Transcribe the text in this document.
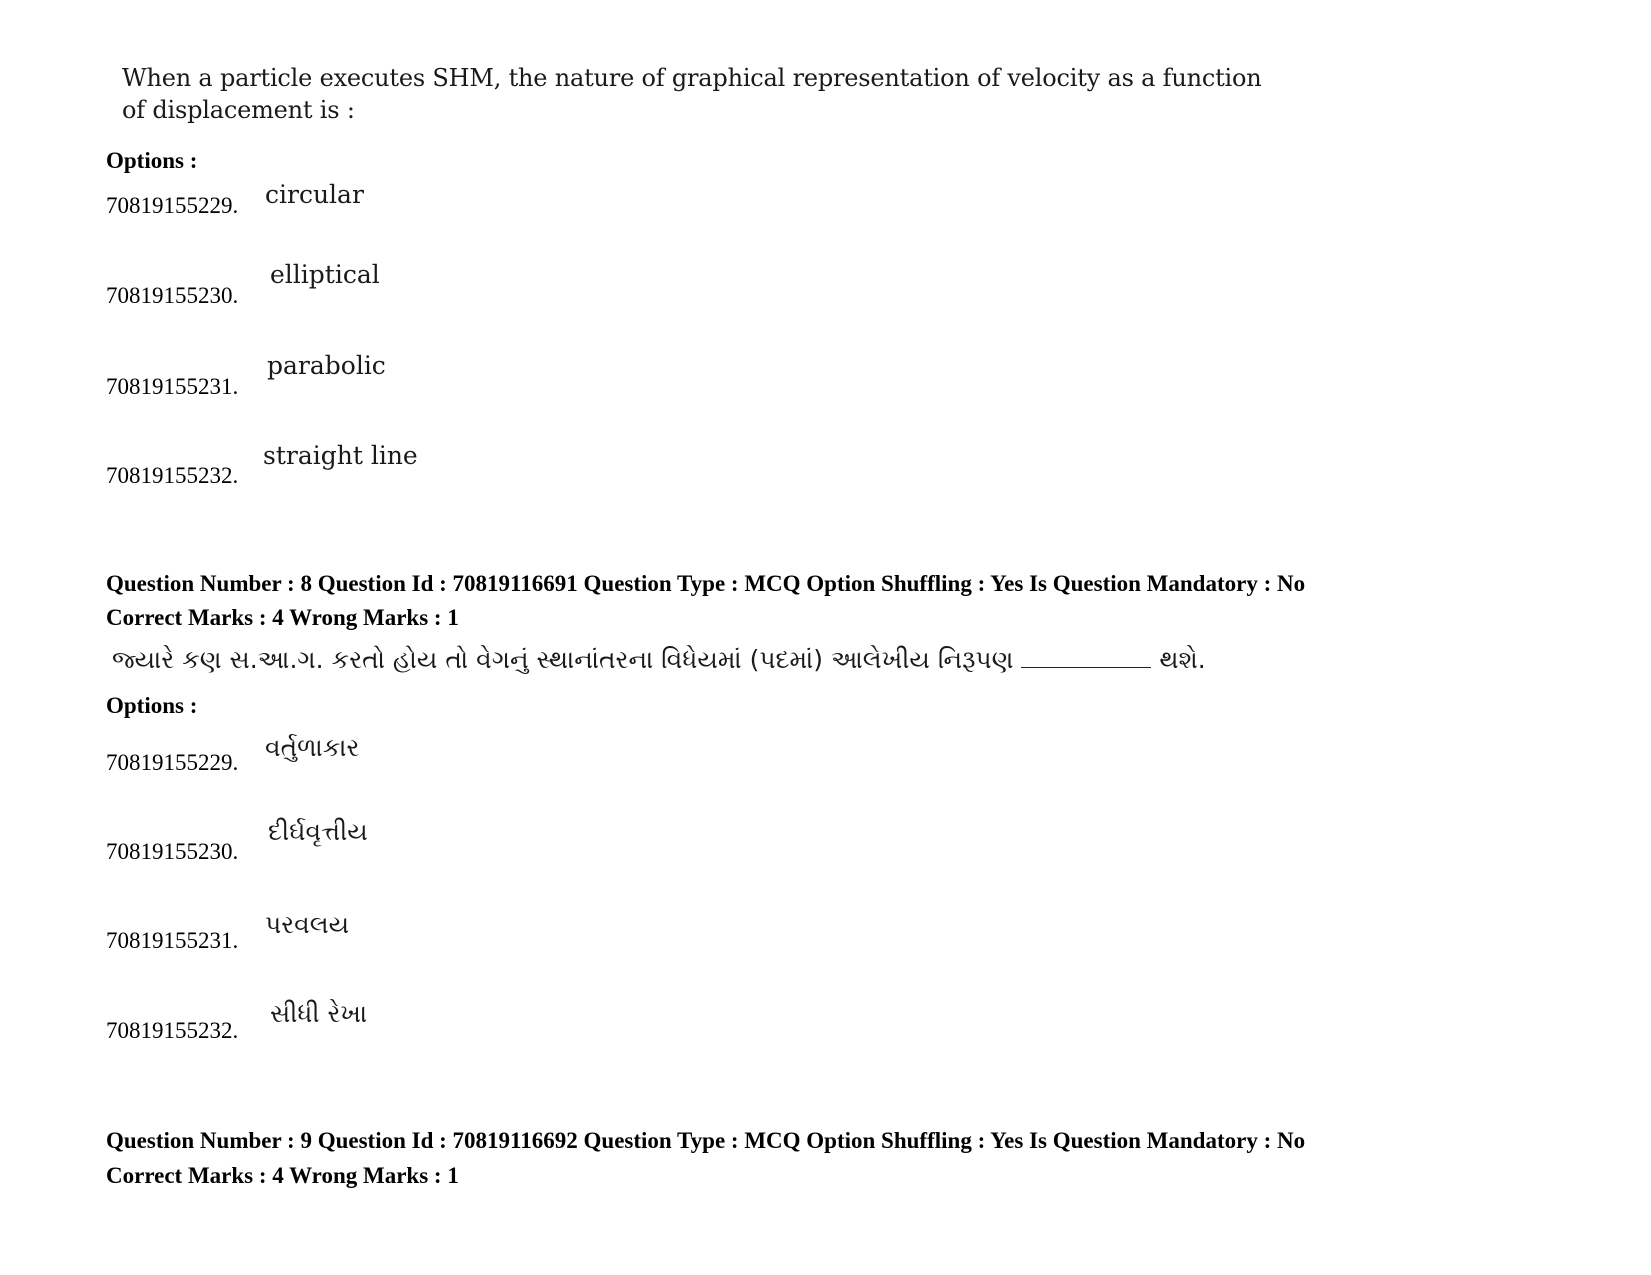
When a particle executes SHM, the nature of graphical representation of velocity as a function
of displacement is :
Options :
70819155229. circular
70819155230.
elliptical
70819155231.
parabolic
70819155232.
straight line
Question Number : 8 Question Id : 70819116691 Question Type : MCQ Option Shuffling : Yes Is Question Mandatory : No
Correct Marks : 4 Wrong Marks : 1
જ્યારે કણ સ.આ.ગ. કરતો હોય તો વેગનું સ્થાનાંતરના વિધેયમાં (પદમાં) આલેખીય નિરૂપણ	થશે.
Options :
70819155229.
વર્તુળાકાર
70819155230.
દીર્ઘવૃત્તીય
70819155231.
પરવલય
70819155232.
સીધી રેખા
Question Number : 9 Question Id : 70819116692 Question Type : MCQ Option Shuffling : Yes Is Question Mandatory : No
Correct Marks : 4 Wrong Marks : 1
